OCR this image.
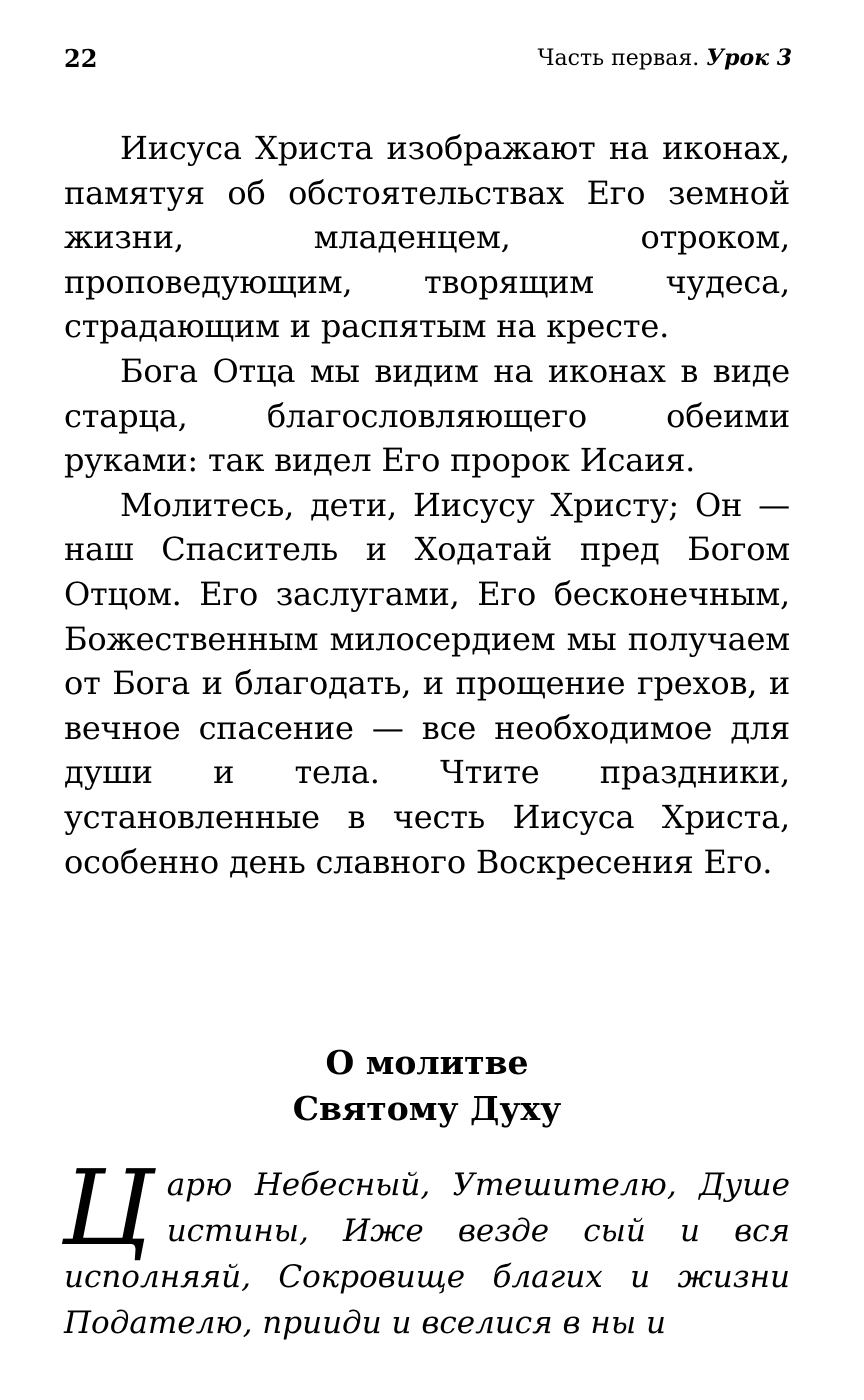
22	Часть первая. Урок 3

Иисуса Христа изображают на иконах, памятуя об обстоятельствах Его земной жизни, младенцем, отроком, проповедующим, творящим чудеса, страдающим и распятым на кресте.

Бога Отца мы видим на иконах в виде старца, благословляющего обеими руками: так видел Его пророк Исаия.

Молитесь, дети, Иисусу Христу; Он — наш Спаситель и Ходатай пред Богом Отцом. Его заслугами, Его бесконечным, Божественным милосердием мы получаем от Бога и благодать, и прощение грехов, и вечное спасение — все необходимое для души и тела. Чтите праздники, установленные в честь Иисуса Христа, особенно день славного Воскресения Его.

О молитве
Святому Духу
Ц арю Небесный, Утешителю, Душе истины, Иже везде сый и вся исполняяй, Сокровище благих и жизни Подателю, прииди и вселися в ны и
